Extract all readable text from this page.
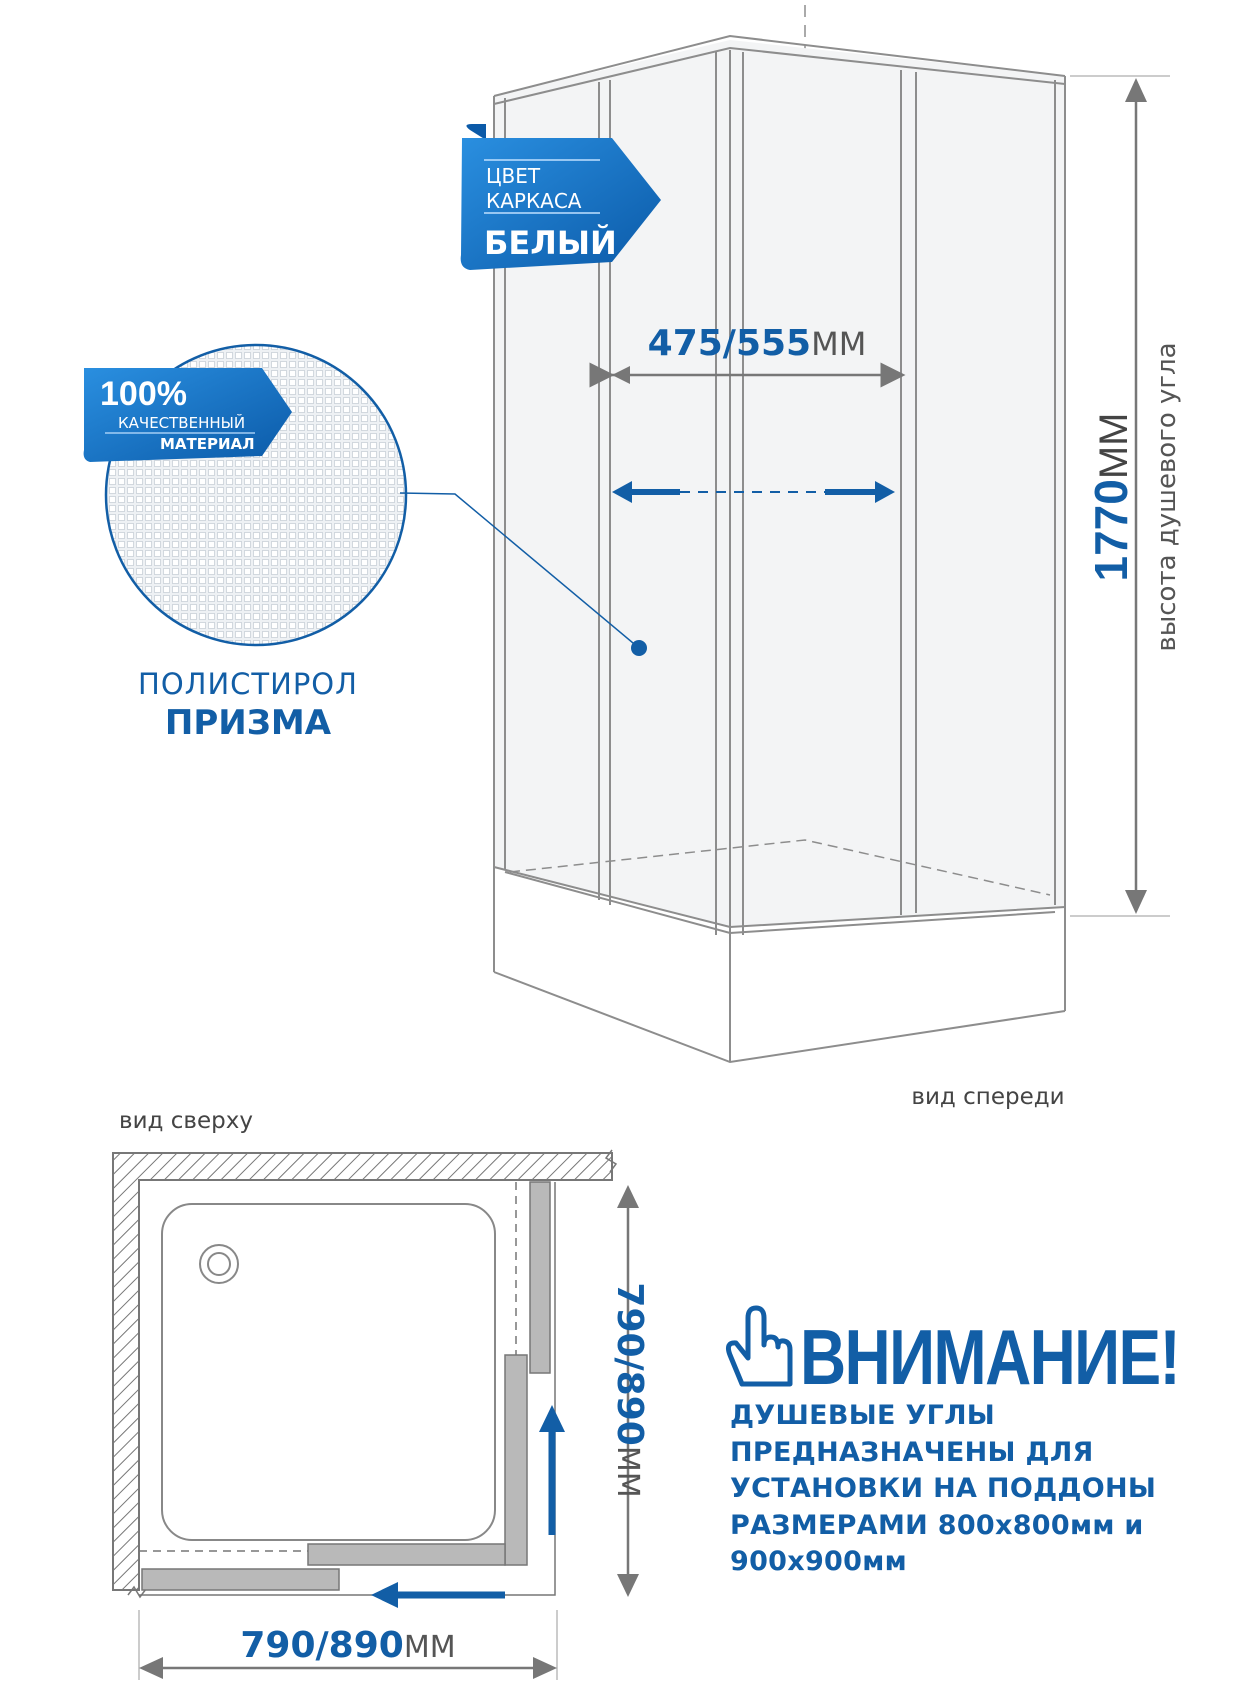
475/555ММ
1770ММ высота душевого угла
ЦВЕТ
КАРКАСА
БЕЛЫЙ
100%
КАЧЕСТВЕННЫЙ
МАТЕРИАЛ
ПОЛИСТИРОЛ
ПРИЗМА
вид спереди
вид сверху
790/890ММ
790/890ММ
ВНИМАНИЕ!
ДУШЕВЫЕ УГЛЫ
ПРЕДНАЗНАЧЕНЫ ДЛЯ
УСТАНОВКИ НА ПОДДОНЫ
РАЗМЕРАМИ 800x800мм и
900x900мм
